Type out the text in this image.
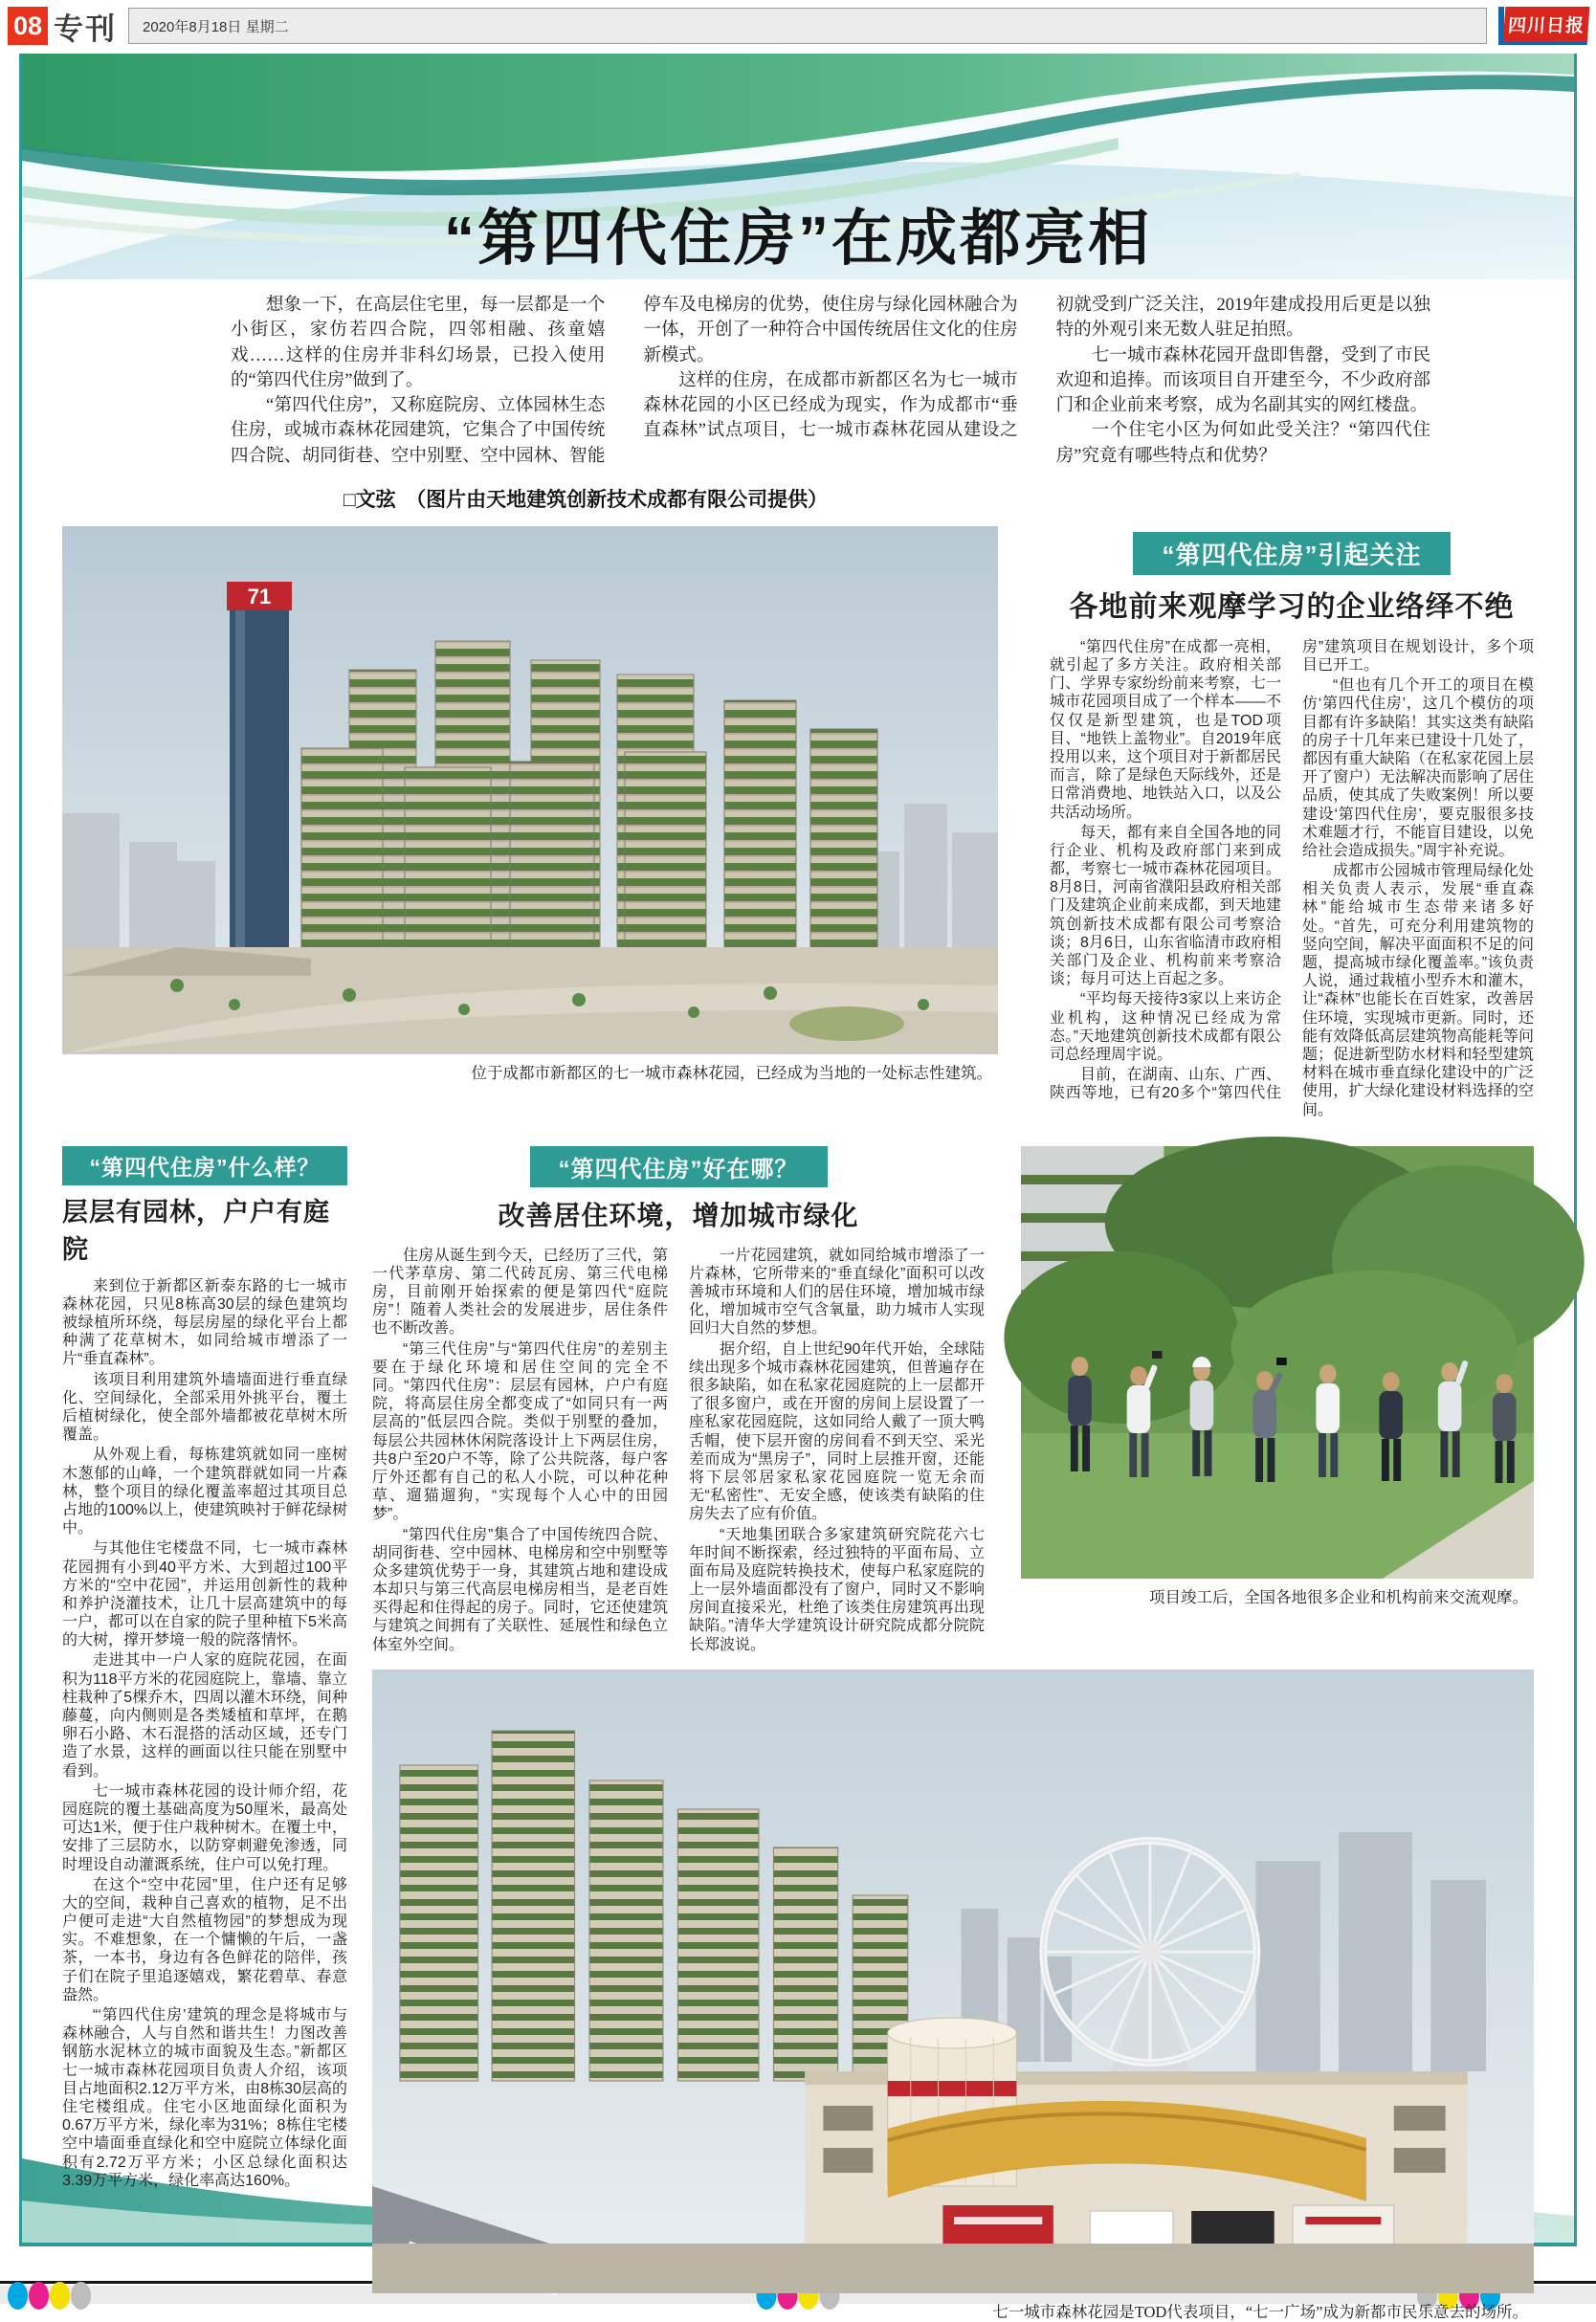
08 专刊 2020年8月18日 星期二	四川日报
“第四代住房”在成都亮相

想象一下，在高层住宅里，每一层都是一个小街区，家仿若四合院，四邻相融、孩童嬉戏……这样的住房并非科幻场景，已投入使用的“第四代住房”做到了。

“第四代住房”，又称庭院房、立体园林生态住房，或城市森林花园建筑，它集合了中国传统四合院、胡同街巷、空中别墅、空中园林、智能停车及电梯房的优势，使住房与绿化园林融合为一体，开创了一种符合中国传统居住文化的住房新模式。

这样的住房，在成都市新都区名为七一城市森林花园的小区已经成为现实，作为成都市“垂直森林”试点项目，七一城市森林花园从建设之初就受到广泛关注，2019年建成投用后更是以独特的外观引来无数人驻足拍照。

七一城市森林花园开盘即售罄，受到了市民欢迎和追捧。而该项目自开建至今，不少政府部门和企业前来考察，成为名副其实的网红楼盘。

一个住宅小区为何如此受关注？“第四代住房”究竟有哪些特点和优势？

□文弦　（图片由天地建筑创新技术成都有限公司提供）

71
位于成都市新都区的七一城市森林花园，已经成为当地的一处标志性建筑。
“第四代住房”引起关注
各地前来观摩学习的企业络绎不绝

“第四代住房”在成都一亮相，就引起了多方关注。政府相关部门、学界专家纷纷前来考察，七一城市花园项目成了一个样本——不仅仅是新型建筑，也是TOD项目、“地铁上盖物业”。自2019年底投用以来，这个项目对于新都居民而言，除了是绿色天际线外，还是日常消费地、地铁站入口，以及公共活动场所。

每天，都有来自全国各地的同行企业、机构及政府部门来到成都，考察七一城市森林花园项目。8月8日，河南省濮阳县政府相关部门及建筑企业前来成都，到天地建筑创新技术成都有限公司考察洽谈；8月6日，山东省临清市政府相关部门及企业、机构前来考察洽谈；每月可达上百起之多。

“平均每天接待3家以上来访企业机构，这种情况已经成为常态。”天地建筑创新技术成都有限公司总经理周宇说。

目前，在湖南、山东、广西、陕西等地，已有20多个“第四代住房”建筑项目在规划设计，多个项目已开工。

“但也有几个开工的项目在模仿‘第四代住房’，这几个模仿的项目都有许多缺陷！其实这类有缺陷的房子十几年来已建设十几处了，都因有重大缺陷（在私家花园上层开了窗户）无法解决而影响了居住品质，使其成了失败案例！所以要建设‘第四代住房’，要克服很多技术难题才行，不能盲目建设，以免给社会造成损失。”周宇补充说。

成都市公园城市管理局绿化处相关负责人表示，发展“垂直森林”能给城市生态带来诸多好处。“首先，可充分利用建筑物的竖向空间，解决平面面积不足的问题，提高城市绿化覆盖率。”该负责人说，通过栽植小型乔木和灌木，让“森林”也能长在百姓家，改善居住环境，实现城市更新。同时，还能有效降低高层建筑物高能耗等问题；促进新型防水材料和轻型建筑材料在城市垂直绿化建设中的广泛使用，扩大绿化建设材料选择的空间。

“第四代住房”什么样？
层层有园林，户户有庭院

来到位于新都区新泰东路的七一城市森林花园，只见8栋高30层的绿色建筑均被绿植所环绕，每层房屋的绿化平台上都种满了花草树木，如同给城市增添了一片“垂直森林”。

该项目利用建筑外墙墙面进行垂直绿化、空间绿化，全部采用外挑平台，覆土后植树绿化，使全部外墙都被花草树木所覆盖。

从外观上看，每栋建筑就如同一座树木葱郁的山峰，一个建筑群就如同一片森林，整个项目的绿化覆盖率超过其项目总占地的100%以上，使建筑映衬于鲜花绿树中。

与其他住宅楼盘不同，七一城市森林花园拥有小到40平方米、大到超过100平方米的“空中花园”，并运用创新性的栽种和养护浇灌技术，让几十层高建筑中的每一户，都可以在自家的院子里种植下5米高的大树，撑开梦境一般的院落情怀。

走进其中一户人家的庭院花园，在面积为118平方米的花园庭院上，靠墙、靠立柱栽种了5棵乔木，四周以灌木环绕，间种藤蔓，向内侧则是各类矮植和草坪，在鹅卵石小路、木石混搭的活动区域，还专门造了水景，这样的画面以往只能在别墅中看到。

七一城市森林花园的设计师介绍，花园庭院的覆土基础高度为50厘米，最高处可达1米，便于住户栽种树木。在覆土中，安排了三层防水，以防穿刺避免渗透，同时埋设自动灌溉系统，住户可以免打理。

在这个“空中花园”里，住户还有足够大的空间，栽种自己喜欢的植物，足不出户便可走进“大自然植物园”的梦想成为现实。不难想象，在一个慵懒的午后，一盏茶，一本书，身边有各色鲜花的陪伴，孩子们在院子里追逐嬉戏，繁花碧草、春意盎然。

“‘第四代住房’建筑的理念是将城市与森林融合，人与自然和谐共生！力图改善钢筋水泥林立的城市面貌及生态。”新都区七一城市森林花园项目负责人介绍，该项目占地面积2.12万平方米，由8栋30层高的住宅楼组成。住宅小区地面绿化面积为0.67万平方米，绿化率为31%；8栋住宅楼空中墙面垂直绿化和空中庭院立体绿化面积有2.72万平方米；小区总绿化面积达3.39万平方米，绿化率高达160%。

“第四代住房”好在哪？
改善居住环境，增加城市绿化

住房从诞生到今天，已经历了三代，第一代茅草房、第二代砖瓦房、第三代电梯房，目前刚开始探索的便是第四代“庭院房”！随着人类社会的发展进步，居住条件也不断改善。

“第三代住房”与“第四代住房”的差别主要在于绿化环境和居住空间的完全不同。“第四代住房”：层层有园林，户户有庭院，将高层住房全都变成了“如同只有一两层高的”低层四合院。类似于别墅的叠加，每层公共园林休闲院落设计上下两层住房，共8户至20户不等，除了公共院落，每户客厅外还都有自己的私人小院，可以种花种草、遛猫遛狗，“实现每个人心中的田园梦”。

“第四代住房”集合了中国传统四合院、胡同街巷、空中园林、电梯房和空中别墅等众多建筑优势于一身，其建筑占地和建设成本却只与第三代高层电梯房相当，是老百姓买得起和住得起的房子。同时，它还使建筑与建筑之间拥有了关联性、延展性和绿色立体室外空间。

一片花园建筑，就如同给城市增添了一片森林，它所带来的“垂直绿化”面积可以改善城市环境和人们的居住环境，增加城市绿化，增加城市空气含氧量，助力城市人实现回归大自然的梦想。

据介绍，自上世纪90年代开始，全球陆续出现多个城市森林花园建筑，但普遍存在很多缺陷，如在私家花园庭院的上一层都开了很多窗户，或在开窗的房间上层设置了一座私家花园庭院，这如同给人戴了一顶大鸭舌帽，使下层开窗的房间看不到天空、采光差而成为“黑房子”，同时上层推开窗，还能将下层邻居家私家花园庭院一览无余而无“私密性”、无安全感，使该类有缺陷的住房失去了应有价值。

“天地集团联合多家建筑研究院花六七年时间不断探索，经过独特的平面布局、立面布局及庭院转换技术，使每户私家庭院的上一层外墙面都没有了窗户，同时又不影响房间直接采光，杜绝了该类住房建筑再出现缺陷。”清华大学建筑设计研究院成都分院院长郑波说。

项目竣工后，全国各地很多企业和机构前来交流观摩。
七一城市森林花园是TOD代表项目，“七一广场”成为新都市民乐意去的场所。
